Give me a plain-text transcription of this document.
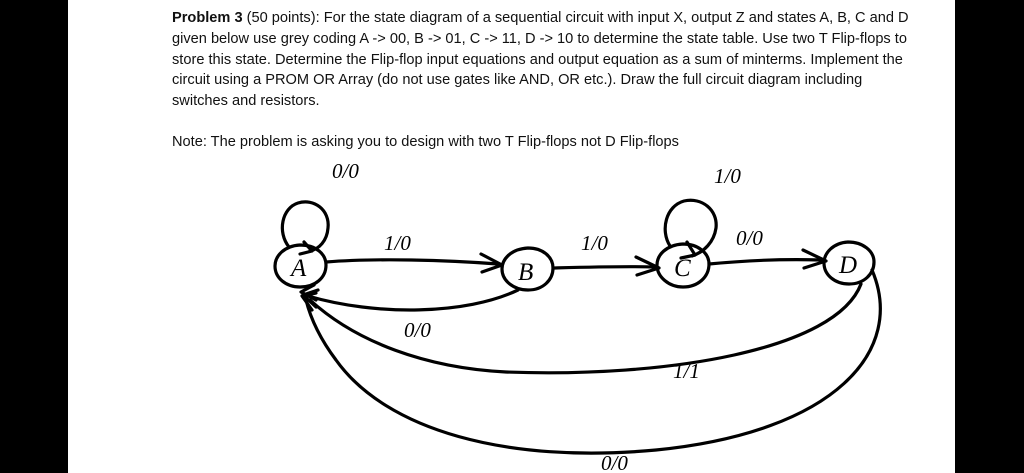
Problem 3 (50 points): For the state diagram of a sequential circuit with input X, output Z and states A, B, C and D given below use grey coding A -> 00, B -> 01, C -> 11, D -> 10 to determine the state table. Use two T Flip-flops to store this state. Determine the Flip-flop input equations and output equation as a sum of minterms. Implement the circuit using a PROM OR Array (do not use gates like AND, OR etc.). Draw the full circuit diagram including switches and resistors.

Note: The problem is asking you to design with two T Flip-flops not D Flip-flops

A	B	C	D
0/0
1/0
0/0
1/0
1/0
0/0
1/1
0/0
